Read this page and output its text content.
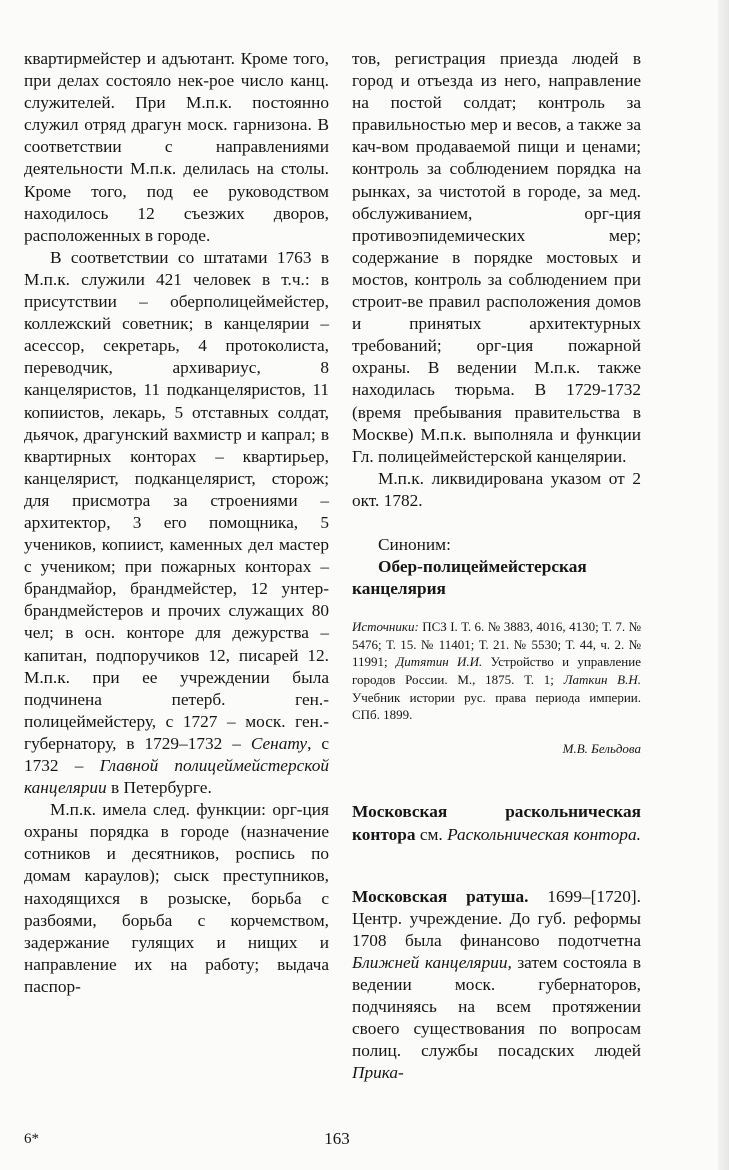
квартирмейстер и адъютант. Кроме того, при делах состояло нек-рое число канц. служителей. При М.п.к. постоянно служил отряд драгун моск. гарнизона. В соответствии с направлениями деятельности М.п.к. делилась на столы. Кроме того, под ее руководством находилось 12 съезжих дворов, расположенных в городе.

В соответствии со штатами 1763 в М.п.к. служили 421 человек в т.ч.: в присутствии – оберполицеймейстер, коллежский советник; в канцелярии – асессор, секретарь, 4 протоколиста, переводчик, архивариус, 8 канцеляристов, 11 подканцеляристов, 11 копиистов, лекарь, 5 отставных солдат, дьячок, драгунский вахмистр и капрал; в квартирных конторах – квартирьер, канцелярист, подканцелярист, сторож; для присмотра за строениями – архитектор, 3 его помощника, 5 учеников, копиист, каменных дел мастер с учеником; при пожарных конторах – брандмайор, брандмейстер, 12 унтер-брандмейстеров и прочих служащих 80 чел; в осн. конторе для дежурства – капитан, подпоручиков 12, писарей 12. М.п.к. при ее учреждении была подчинена петерб. ген.-полицеймейстеру, с 1727 – моск. ген.-губернатору, в 1729–1732 – Сенату, с 1732 – Главной полицеймейстерской канцелярии в Петербурге.

М.п.к. имела след. функции: орг-ция охраны порядка в городе (назначение сотников и десятников, роспись по домам караулов); сыск преступников, находящихся в розыске, борьба с разбоями, борьба с корчемством, задержание гулящих и нищих и направление их на работу; выдача паспор-

тов, регистрация приезда людей в город и отъезда из него, направление на постой солдат; контроль за правильностью мер и весов, а также за кач-вом продаваемой пищи и ценами; контроль за соблюдением порядка на рынках, за чистотой в городе, за мед. обслуживанием, орг-ция противоэпидемических мер; содержание в порядке мостовых и мостов, контроль за соблюдением при строит-ве правил расположения домов и принятых архитектурных требований; орг-ция пожарной охраны. В ведении М.п.к. также находилась тюрьма. В 1729-1732 (время пребывания правительства в Москве) М.п.к. выполняла и функции Гл. полицеймейстерской канцелярии.

М.п.к. ликвидирована указом от 2 окт. 1782.

Синоним:

Обер-полицеймейстерская канцелярия

Источники: ПСЗ I. Т. 6. № 3883, 4016, 4130; Т. 7. № 5476; Т. 15. № 11401; Т. 21. № 5530; Т. 44, ч. 2. № 11991; Дитятин И.И. Устройство и управление городов России. М., 1875. Т. 1; Латкин В.Н. Учебник истории рус. права периода империи. СПб. 1899.
М.В. Бельдова

Московская раскольническая контора см. Раскольническая контора.

Московская ратуша. 1699–[1720]. Центр. учреждение. До губ. реформы 1708 была финансово подотчетна Ближней канцелярии, затем состояла в ведении моск. губернаторов, подчиняясь на всем протяжении своего существования по вопросам полиц. службы посадских людей Прика-

6*	163
